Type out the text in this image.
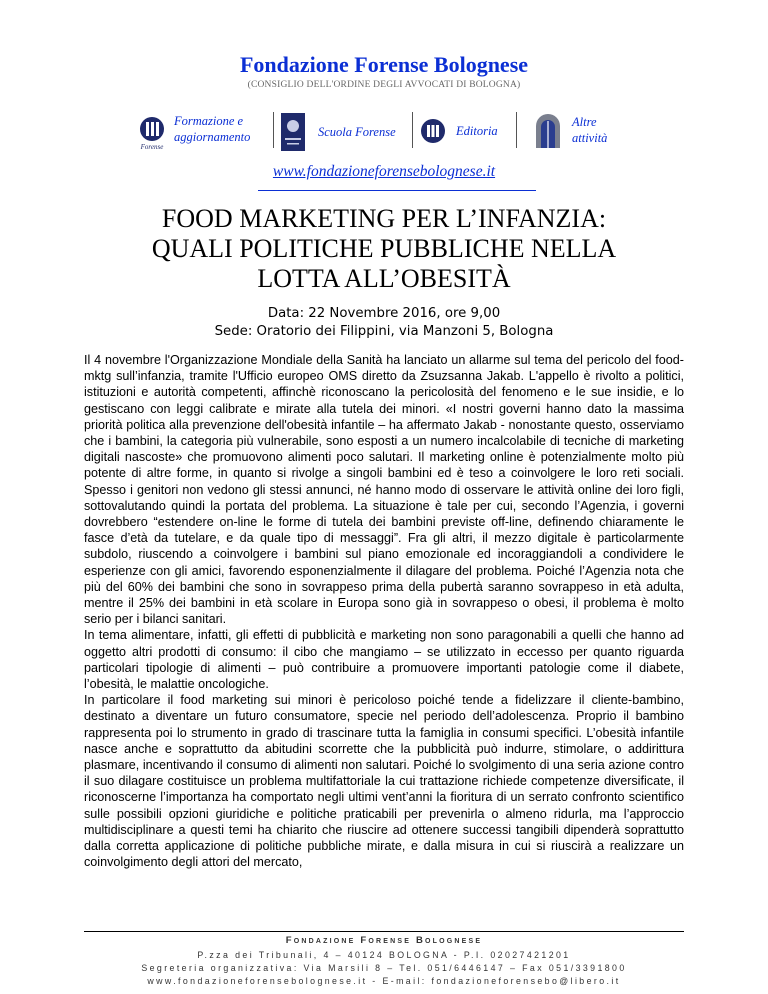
Fondazione Forense Bolognese
(CONSIGLIO DELL'ORDINE DEGLI AVVOCATI DI BOLOGNA)
Forense
Formazione e
aggiornamento	Scuola Forense	Editoria
Altre
attività
www.fondazioneforensebolognese.it
FOOD MARKETING PER L’INFANZIA:
QUALI POLITICHE PUBBLICHE NELLA
LOTTA ALL’OBESITÀ
Data: 22 Novembre 2016, ore 9,00
Sede: Oratorio dei Filippini, via Manzoni 5, Bologna

Il 4 novembre l'Organizzazione Mondiale della Sanità ha lanciato un allarme sul tema del pericolo del food-mktg sull’infanzia, tramite l'Ufficio europeo OMS diretto da Zsuzsanna Jakab. L'appello è rivolto a politici, istituzioni e autorità competenti, affinchè riconoscano la pericolosità del fenomeno e le sue insidie, e lo gestiscano con leggi calibrate e mirate alla tutela dei minori. «I nostri governi hanno dato la massima priorità politica alla prevenzione dell'obesità infantile – ha affermato Jakab - nonostante questo, osserviamo che i bambini, la categoria più vulnerabile, sono esposti a un numero incalcolabile di tecniche di marketing digitali nascoste» che promuovono alimenti poco salutari. Il marketing online è potenzialmente molto più potente di altre forme, in quanto si rivolge a singoli bambini ed è teso a coinvolgere le loro reti sociali. Spesso i genitori non vedono gli stessi annunci, né hanno modo di osservare le attività online dei loro figli, sottovalutando quindi la portata del problema. La situazione è tale per cui, secondo l’Agenzia, i governi dovrebbero “estendere on-line le forme di tutela dei bambini previste off-line, definendo chiaramente le fasce d’età da tutelare, e da quale tipo di messaggi”. Fra gli altri, il mezzo digitale è particolarmente subdolo, riuscendo a coinvolgere i bambini sul piano emozionale ed incoraggiandoli a condividere le esperienze con gli amici, favorendo esponenzialmente il dilagare del problema. Poiché l’Agenzia nota che più del 60% dei bambini che sono in sovrappeso prima della pubertà saranno sovrappeso in età adulta, mentre il 25% dei bambini in età scolare in Europa sono già in sovrappeso o obesi, il problema è molto serio per i bilanci sanitari.

In tema alimentare, infatti, gli effetti di pubblicità e marketing non sono paragonabili a quelli che hanno ad oggetto altri prodotti di consumo: il cibo che mangiamo – se utilizzato in eccesso per quanto riguarda particolari tipologie di alimenti – può contribuire a promuovere importanti patologie come il diabete, l’obesità, le malattie oncologiche.

In particolare il food marketing sui minori è pericoloso poiché tende a fidelizzare il cliente-bambino, destinato a diventare un futuro consumatore, specie nel periodo dell’adolescenza. Proprio il bambino rappresenta poi lo strumento in grado di trascinare tutta la famiglia in consumi specifici. L’obesità infantile nasce anche e soprattutto da abitudini scorrette che la pubblicità può indurre, stimolare, o addirittura plasmare, incentivando il consumo di alimenti non salutari. Poiché lo svolgimento di una seria azione contro il suo dilagare costituisce un problema multifattoriale la cui trattazione richiede competenze diversificate, il riconoscerne l’importanza ha comportato negli ultimi vent’anni la fioritura di un serrato confronto scientifico sulle possibili opzioni giuridiche e politiche praticabili per prevenirla o almeno ridurla, ma l’approccio multidisciplinare a questi temi ha chiarito che riuscire ad ottenere successi tangibili dipenderà soprattutto dalla corretta applicazione di politiche pubbliche mirate, e dalla misura in cui si riuscirà a realizzare un coinvolgimento degli attori del mercato,

Fondazione Forense Bolognese
P.zza dei Tribunali, 4 – 40124 BOLOGNA - P.I. 02027421201
Segreteria organizzativa: Via Marsili 8 – Tel. 051/6446147 – Fax 051/3391800
www.fondazioneforensebolognese.it - E-mail: fondazioneforensebo@libero.it
